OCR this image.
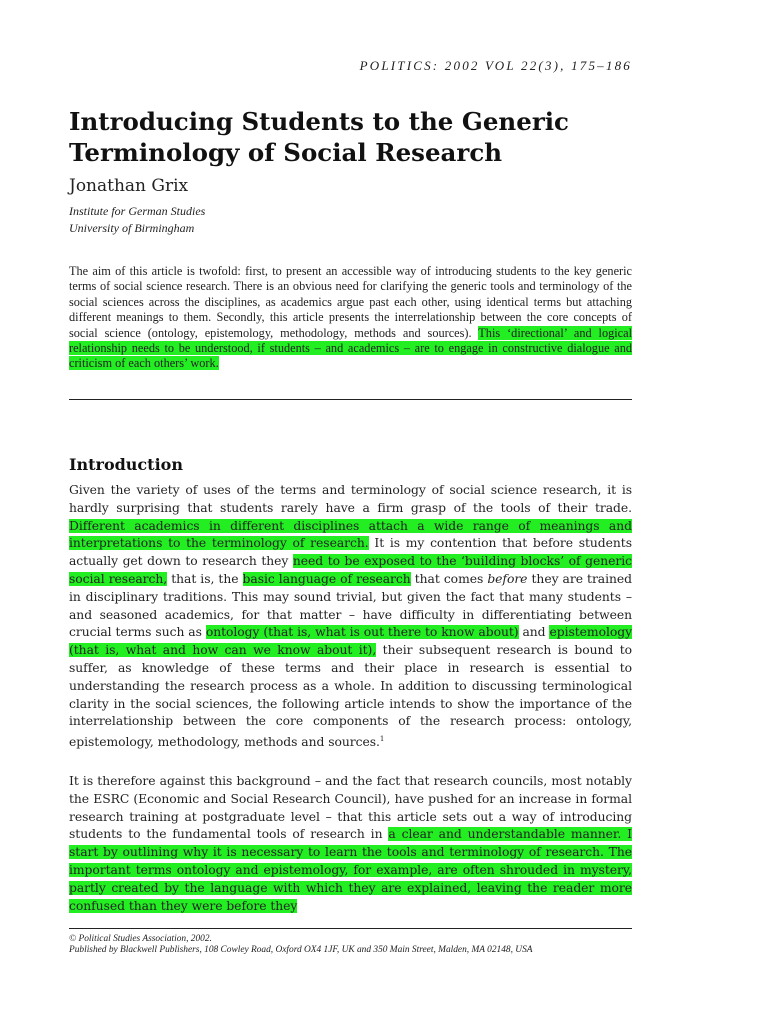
POLITICS: 2002 VOL 22(3), 175–186
Introducing Students to the Generic
Terminology of Social Research
Jonathan Grix
Institute for German Studies
University of Birmingham
The aim of this article is twofold: first, to present an accessible way of introducing students to the key generic terms of social science research. There is an obvious need for clarifying the generic tools and terminology of the social sciences across the disciplines, as academics argue past each other, using identical terms but attaching different meanings to them. Secondly, this article presents the interrelationship between the core concepts of social science (ontology, epistemology, methodology, methods and sources). This ‘directional’ and logical relationship needs to be understood, if students – and academics – are to engage in constructive dialogue and criticism of each others’ work.
Introduction
Given the variety of uses of the terms and terminology of social science research, it is hardly surprising that students rarely have a firm grasp of the tools of their trade. Different academics in different disciplines attach a wide range of meanings and interpretations to the terminology of research. It is my contention that before students actually get down to research they need to be exposed to the ‘building blocks’ of generic social research, that is, the basic language of research that comes before they are trained in disciplinary traditions. This may sound trivial, but given the fact that many students – and seasoned academics, for that matter – have difficulty in differentiating between crucial terms such as ontology (that is, what is out there to know about) and epistemology (that is, what and how can we know about it), their subsequent research is bound to suffer, as knowledge of these terms and their place in research is essential to understanding the research process as a whole. In addition to discussing terminological clarity in the social sciences, the following article intends to show the importance of the interrelationship between the core components of the research process: ontology, epistemology, methodology, methods and sources.$^1$
It is therefore against this background – and the fact that research councils, most notably the ESRC (Economic and Social Research Council), have pushed for an increase in formal research training at postgraduate level – that this article sets out a way of introducing students to the fundamental tools of research in a clear and understandable manner. I start by outlining why it is necessary to learn the tools and terminology of research. The important terms ontology and epistemology, for example, are often shrouded in mystery, partly created by the language with which they are explained, leaving the reader more confused than they were before they
© Political Studies Association, 2002.
Published by Blackwell Publishers, 108 Cowley Road, Oxford OX4 1JF, UK and 350 Main Street, Malden, MA 02148, USA
